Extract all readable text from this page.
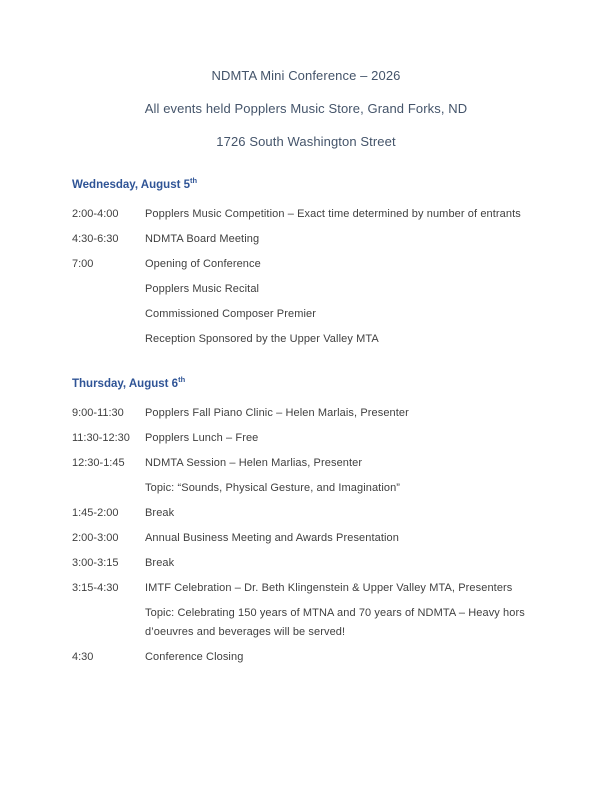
NDMTA Mini Conference – 2026
All events held Popplers Music Store, Grand Forks, ND
1726 South Washington Street
Wednesday, August 5th
2:00-4:00	Popplers Music Competition – Exact time determined by number of entrants
4:30-6:30	NDMTA Board Meeting
7:00	Opening of Conference
Popplers Music Recital
Commissioned Composer Premier
Reception Sponsored by the Upper Valley MTA
Thursday, August 6th
9:00-11:30	Popplers Fall Piano Clinic – Helen Marlais, Presenter
11:30-12:30	Popplers Lunch – Free
12:30-1:45	NDMTA Session – Helen Marlias, Presenter
Topic: “Sounds, Physical Gesture, and Imagination”
1:45-2:00	Break
2:00-3:00	Annual Business Meeting and Awards Presentation
3:00-3:15	Break
3:15-4:30	IMTF Celebration – Dr. Beth Klingenstein & Upper Valley MTA, Presenters
Topic: Celebrating 150 years of MTNA and 70 years of NDMTA – Heavy hors d’oeuvres and beverages will be served!
4:30	Conference Closing
